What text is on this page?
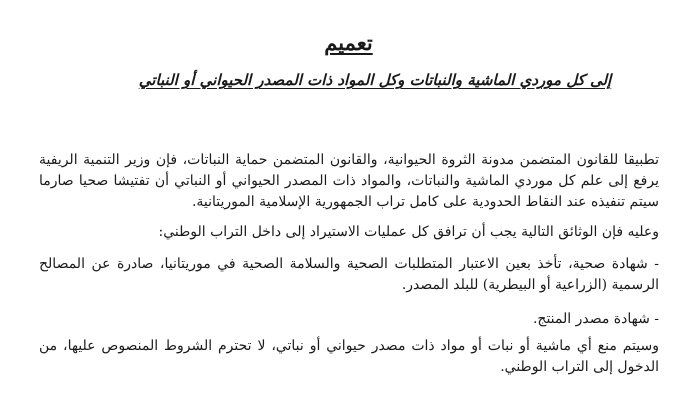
تعميم
إلى كل موردي الماشية والنباتات وكل المواد ذات المصدر الحيواني أو النباتي

تطبيقا للقانون المتضمن مدونة الثروة الحيوانية، والقانون المتضمن حماية النباتات، فإن وزير التنمية الريفية يرفع إلى علم كل موردي الماشية والنباتات، والمواد ذات المصدر الحيواني أو النباتي أن تفتيشا صحيا صارما سيتم تنفيذه عند النقاط الحدودية على كامل تراب الجمهورية الإسلامية الموريتانية.

وعليه فإن الوثائق التالية يجب أن ترافق كل عمليات الاستيراد إلى داخل التراب الوطني:

- شهادة صحية، تأخذ بعين الاعتبار المتطلبات الصحية والسلامة الصحية في موريتانيا، صادرة عن المصالح الرسمية (الزراعية أو البيطرية) للبلد المصدر.

- شهادة مصدر المنتج.

وسيتم منع أي ماشية أو نبات أو مواد ذات مصدر حيواني أو نباتي، لا تحترم الشروط المنصوص عليها، من الدخول إلى التراب الوطني.
